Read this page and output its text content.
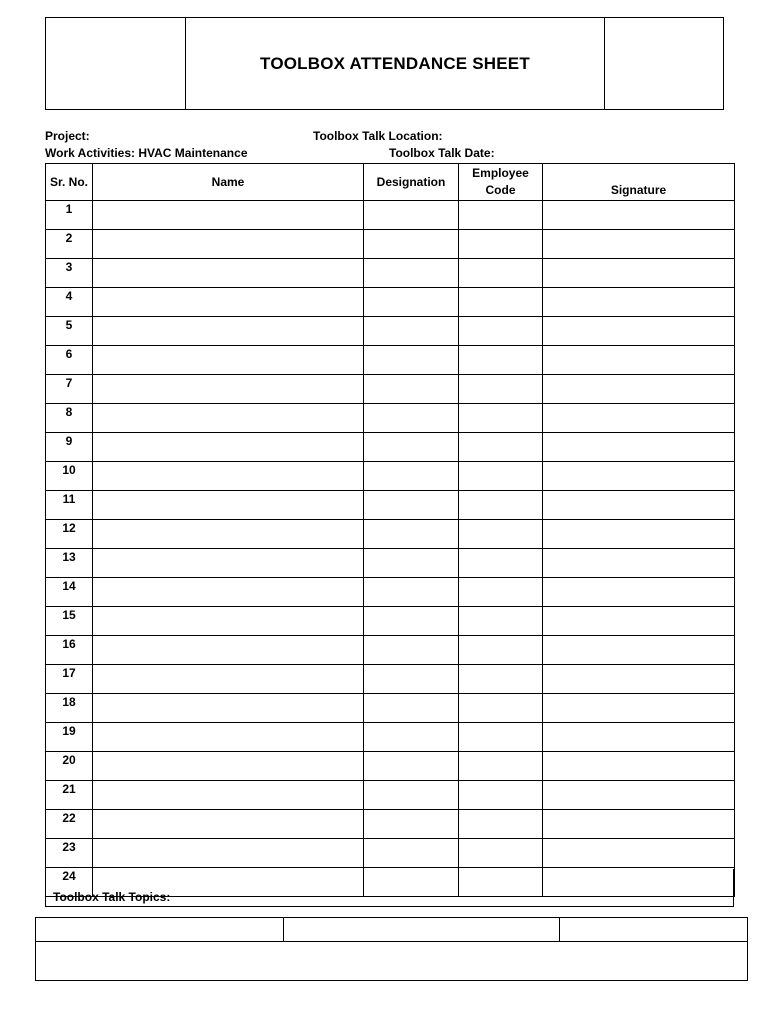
TOOLBOX ATTENDANCE SHEET
Project:	Toolbox Talk Location:
Work Activities: HVAC Maintenance	Toolbox Talk Date:
Sr. No.	Name	Designation	Employee Code	Signature
1				
2				
3				
4				
5				
6				
7				
8				
9				
10				
11				
12				
13				
14				
15				
16				
17				
18				
19				
20				
21				
22				
23				
24				
Toolbox Talk Topics:
